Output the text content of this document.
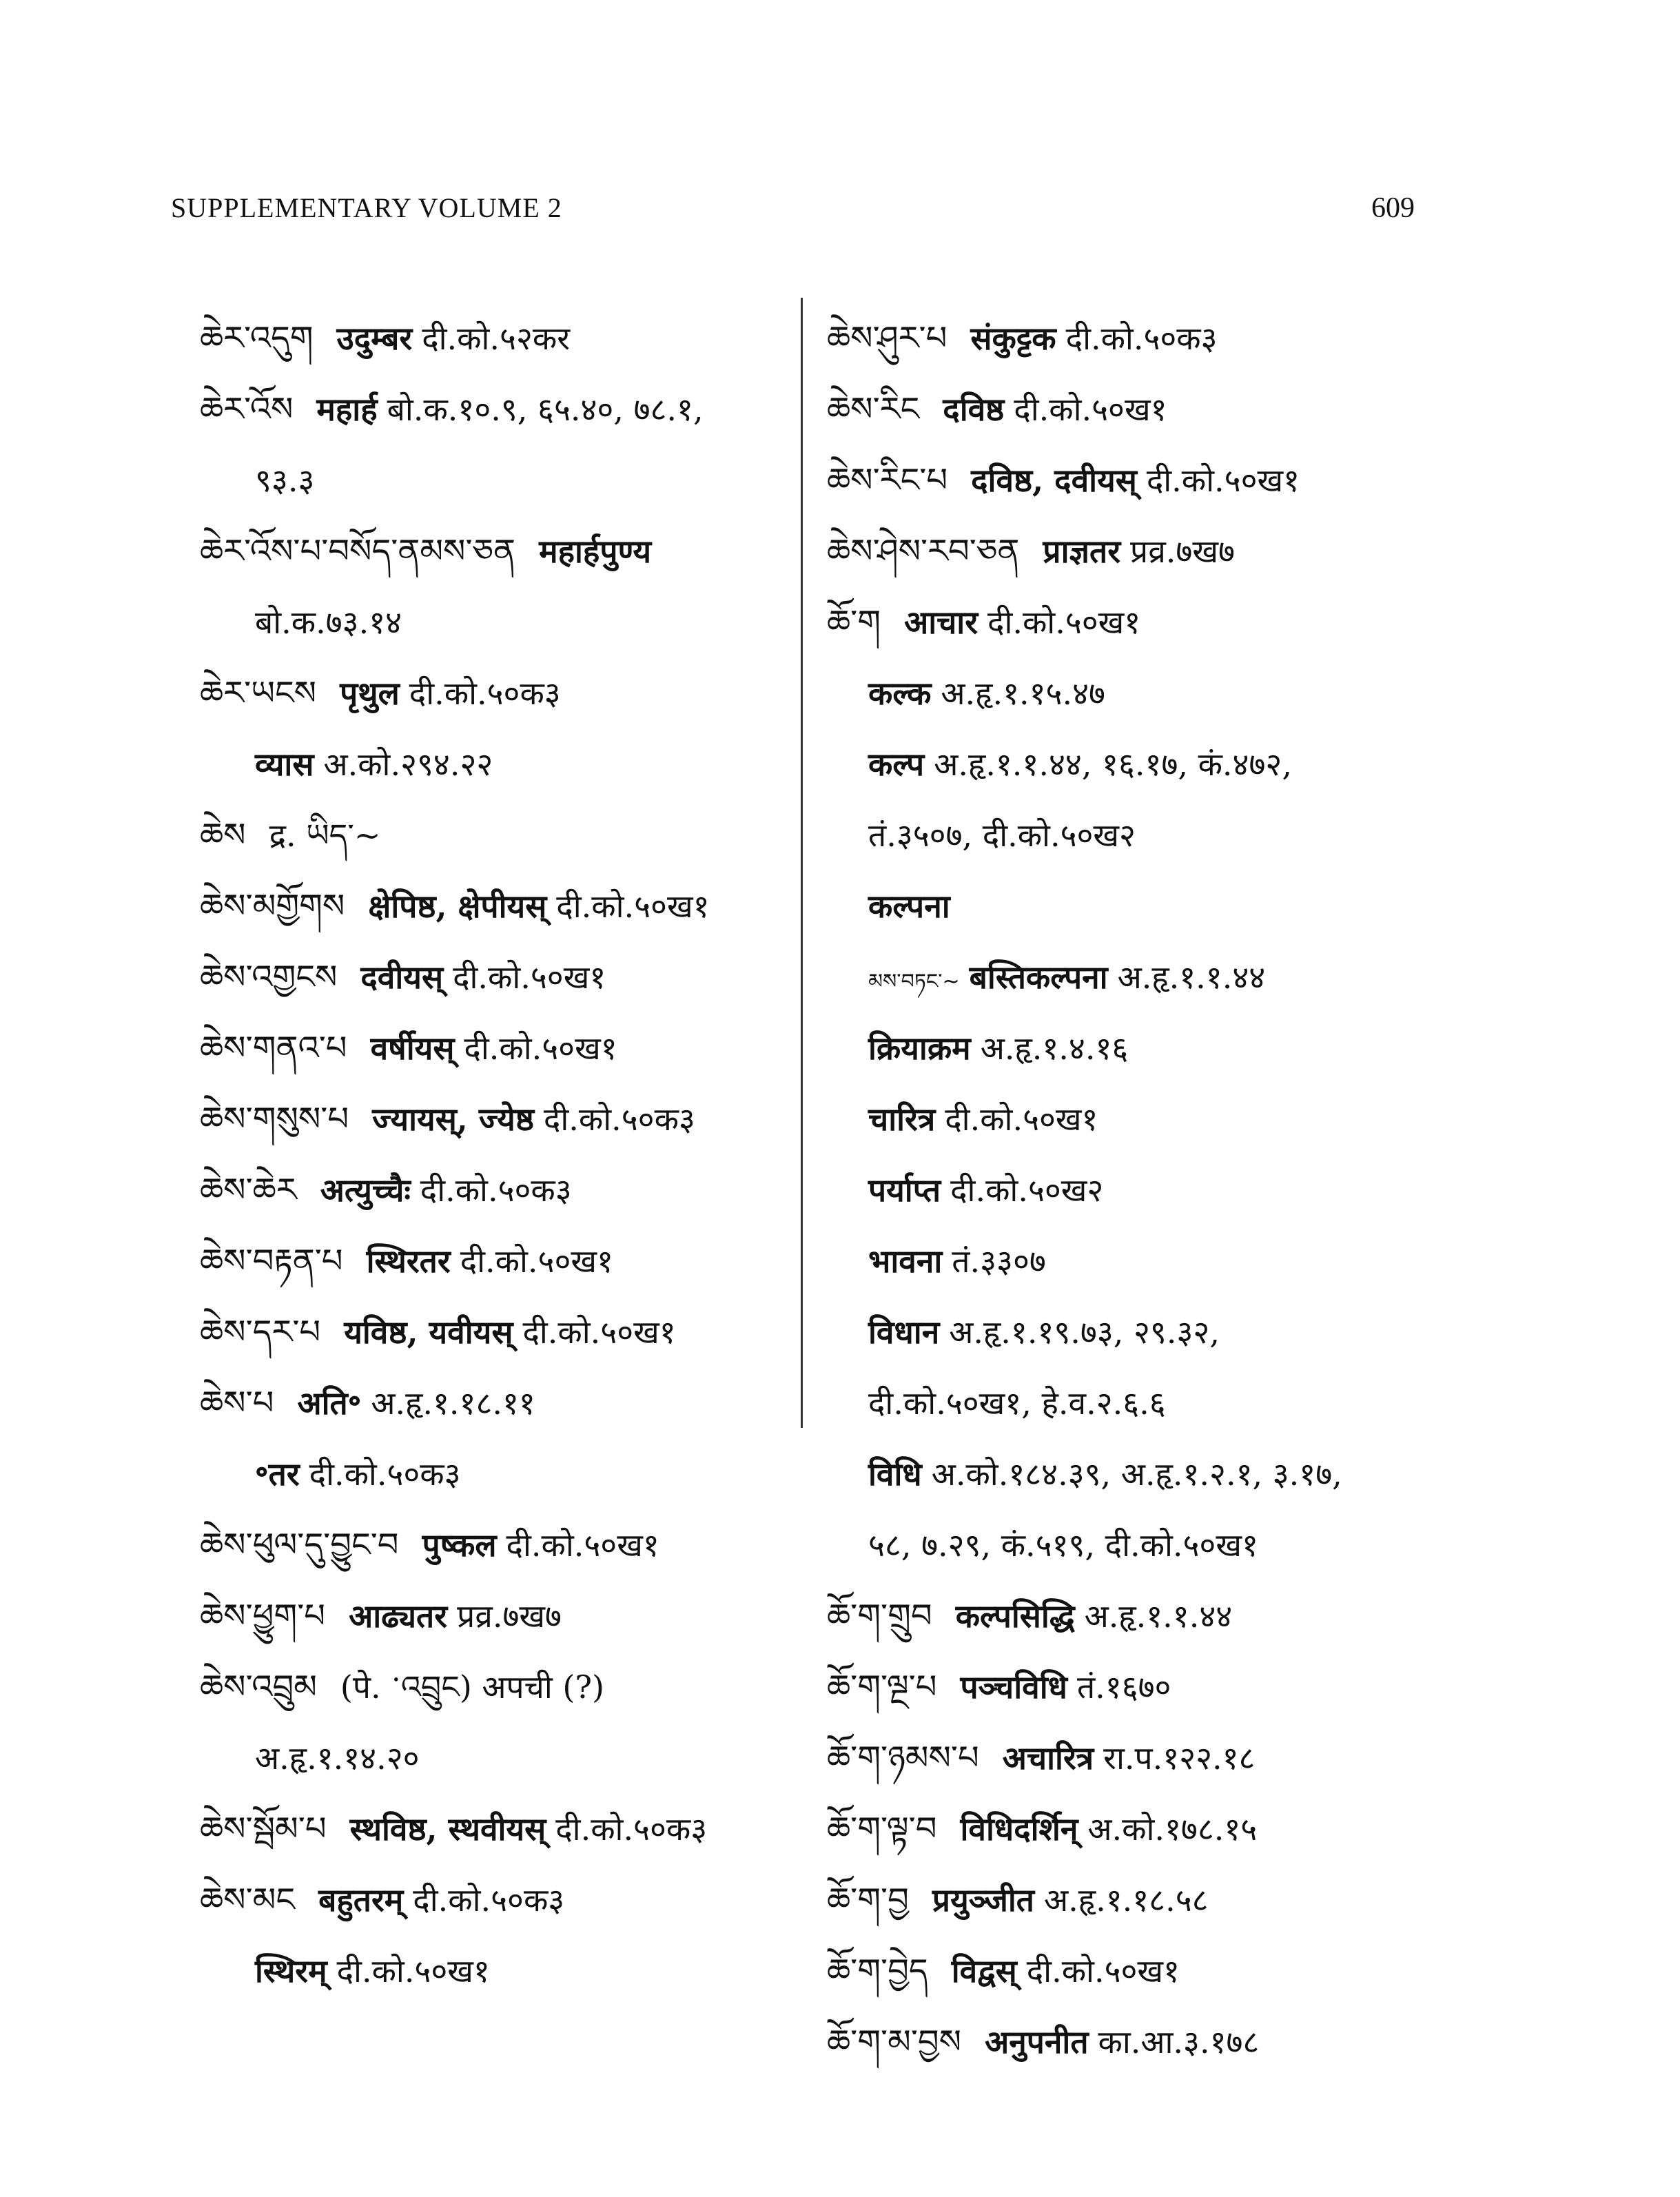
SUPPLEMENTARY VOLUME 2	609
ཆེར་འདུག उदुम्बर दी.को.५२कर
ཆེར་འོས महार्ह बो.क.१०.९, ६५.४०, ७८.१,
९३.३
ཆེར་འོས་པ་བསོད་ནམས་ཅན महार्हपुण्य
बो.क.७३.१४
ཆེར་ཡངས पृथुल दी.को.५०क३
व्यास अ.को.२९४.२२
ཆེས द्र. ཡིད་~
ཆེས་མགྱོགས क्षेपिष्ठ, क्षेपीयस् दी.को.५०ख१
ཆེས་འགྱངས दवीयस् दी.को.५०ख१
ཆེས་གནའ་པ वर्षीयस् दी.को.५०ख१
ཆེས་གསུས་པ ज्यायस्, ज्येष्ठ दी.को.५०क३
ཆེས་ཆེར अत्युच्चैः दी.को.५०क३
ཆེས་བརྟན་པ स्थिरतर दी.को.५०ख१
ཆེས་དར་པ यविष्ठ, यवीयस् दी.को.५०ख१
ཆེས་པ अति॰ अ.हृ.१.१८.११
॰तर दी.को.५०क३
ཆེས་ཕུལ་དུ་བྱུང་བ पुष्कल दी.को.५०ख१
ཆེས་ཕྱུག་པ आढ्यतर प्रव्र.७ख७
ཆེས་འབྲུམ (पे. ॱའབྲུང) अपची (?)
अ.हृ.१.१४.२०
ཆེས་སྦོམ་པ स्थविष्ठ, स्थवीयस् दी.को.५०क३
ཆེས་མང बहुतरम् दी.को.५०क३
स्थिरम् दी.को.५०ख१
ཆེས་ཤུར་པ संकुट्टक दी.को.५०क३
ཆེས་རིང दविष्ठ दी.को.५०ख१
ཆེས་རིང་པ दविष्ठ, दवीयस् दी.को.५०ख१
ཆེས་ཤེས་རབ་ཅན प्राज्ञतर प्रव्र.७ख७
ཆོ་ག आचार दी.को.५०ख१
कल्क अ.हृ.१.१५.४७
कल्प अ.हृ.१.१.४४, १६.१७, कं.४७२,
तं.३५०७, दी.को.५०ख२
कल्पना
མས་བཏང་~ बस्तिकल्पना अ.हृ.१.१.४४
क्रियाक्रम अ.हृ.१.४.१६
चारित्र दी.को.५०ख१
पर्याप्त दी.को.५०ख२
भावना तं.३३०७
विधान अ.हृ.१.१९.७३, २९.३२,
दी.को.५०ख१, हे.व.२.६.६
विधि अ.को.१८४.३९, अ.हृ.१.२.१, ३.१७,
५८, ७.२९, कं.५१९, दी.को.५०ख१
ཆོ་ག་གྲུབ कल्पसिद्धि अ.हृ.१.१.४४
ཆོ་ག་ལྔ་པ पञ्चविधि तं.१६७०
ཆོ་ག་ཉམས་པ अचारित्र रा.प.१२२.१८
ཆོ་ག་ལྟ་བ विधिदर्शिन् अ.को.१७८.१५
ཆོ་ག་བྱ प्रयुञ्जीत अ.हृ.१.१८.५८
ཆོ་ག་བྱེད विद्वस् दी.को.५०ख१
ཆོ་ག་མ་བྱས अनुपनीत का.आ.३.१७८
